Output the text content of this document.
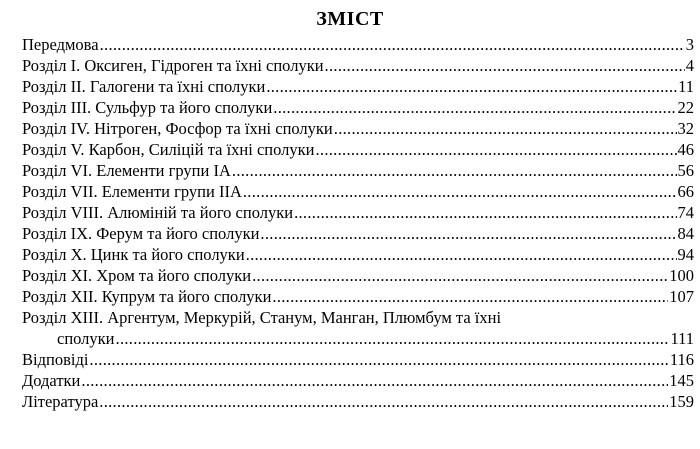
ЗМІСТ
Передмова .....	3
Розділ І. Оксиген, Гідроген та їхні сполуки .....	4
Розділ ІІ. Галогени та їхні сполуки .....	11
Розділ ІІІ. Сульфур та його сполуки .....	22
Розділ IV. Нітроген, Фосфор та їхні сполуки .....	32
Розділ V. Карбон, Силіцій та їхні сполуки .....	46
Розділ VI. Елементи групи ІА .....	56
Розділ VІІ. Елементи групи ІІА .....	66
Розділ VІІІ. Алюміній та його сполуки .....	74
Розділ ІХ. Ферум та його сполуки .....	84
Розділ Х. Цинк та його сполуки .....	94
Розділ ХІ. Хром та його сполуки .....	100
Розділ ХІІ. Купрум та його сполуки .....	107
Розділ ХІІІ. Аргентум, Меркурій, Станум, Манган, Плюмбум та їхні
сполуки .....	111
Відповіді .....	116
Додатки .....	145
Література .....	159
